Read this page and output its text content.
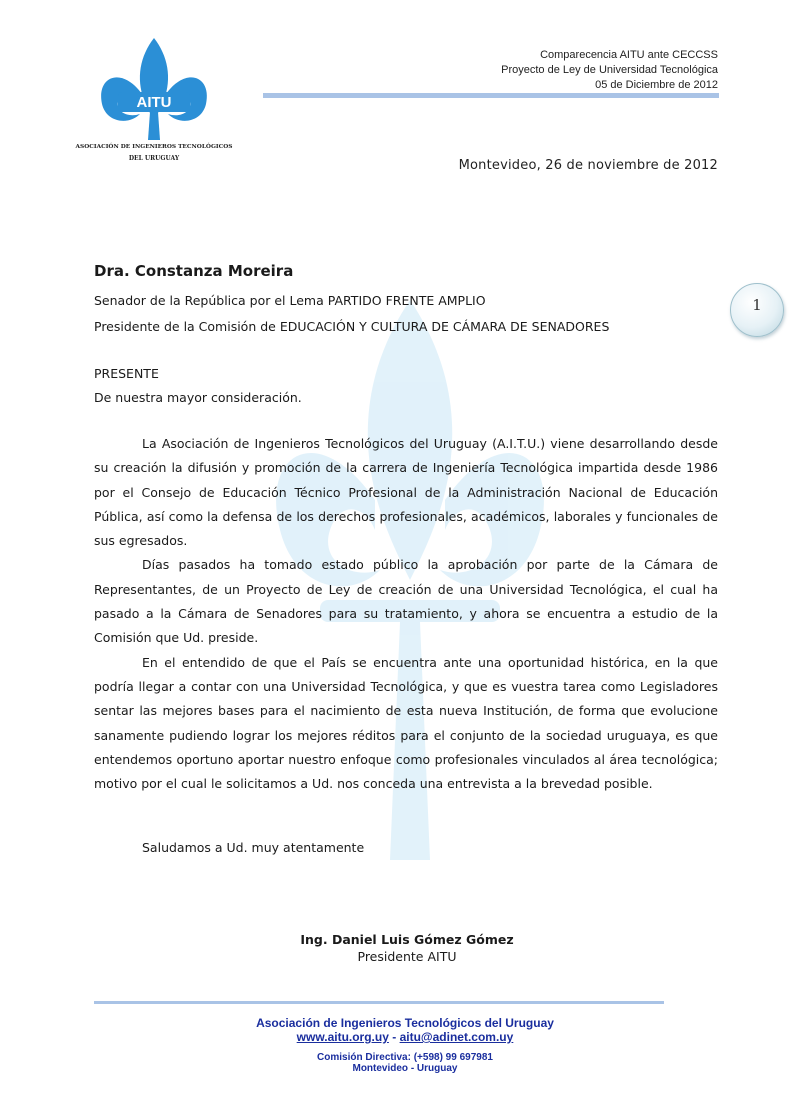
AITU
ASOCIACIÓN DE INGENIEROS TECNOLÓGICOS
DEL URUGUAY
Comparecencia AITU ante CECCSS
Proyecto de Ley de Universidad Tecnológica
05 de Diciembre de 2012
Montevideo, 26 de noviembre de 2012
1
Dra. Constanza Moreira
Senador de la República por el Lema PARTIDO FRENTE AMPLIO
Presidente de la Comisión de EDUCACIÓN Y CULTURA DE CÁMARA DE SENADORES
PRESENTE
De nuestra mayor consideración.

La Asociación de Ingenieros Tecnológicos del Uruguay (A.I.T.U.) viene desarrollando desde su creación la difusión y promoción de la carrera de Ingeniería Tecnológica impartida desde 1986 por el Consejo de Educación Técnico Profesional de la Administración Nacional de Educación Pública, así como la defensa de los derechos profesionales, académicos, laborales y funcionales de sus egresados.

Días pasados ha tomado estado público la aprobación por parte de la Cámara de Representantes, de un Proyecto de Ley de creación de una Universidad Tecnológica, el cual ha pasado a la Cámara de Senadores para su tratamiento, y ahora se encuentra a estudio de la Comisión que Ud. preside.

En el entendido de que el País se encuentra ante una oportunidad histórica, en la que podría llegar a contar con una Universidad Tecnológica, y que es vuestra tarea como Legisladores sentar las mejores bases para el nacimiento de esta nueva Institución, de forma que evolucione sanamente pudiendo lograr los mejores réditos para el conjunto de la sociedad uruguaya, es que entendemos oportuno aportar nuestro enfoque como profesionales vinculados al área tecnológica; motivo por el cual le solicitamos a Ud. nos conceda una entrevista a la brevedad posible.

Saludamos a Ud. muy atentamente
Ing. Daniel Luis Gómez Gómez
Presidente AITU
Asociación de Ingenieros Tecnológicos del Uruguay
www.aitu.org.uy - aitu@adinet.com.uy
Comisión Directiva: (+598) 99 697981
Montevideo - Uruguay
